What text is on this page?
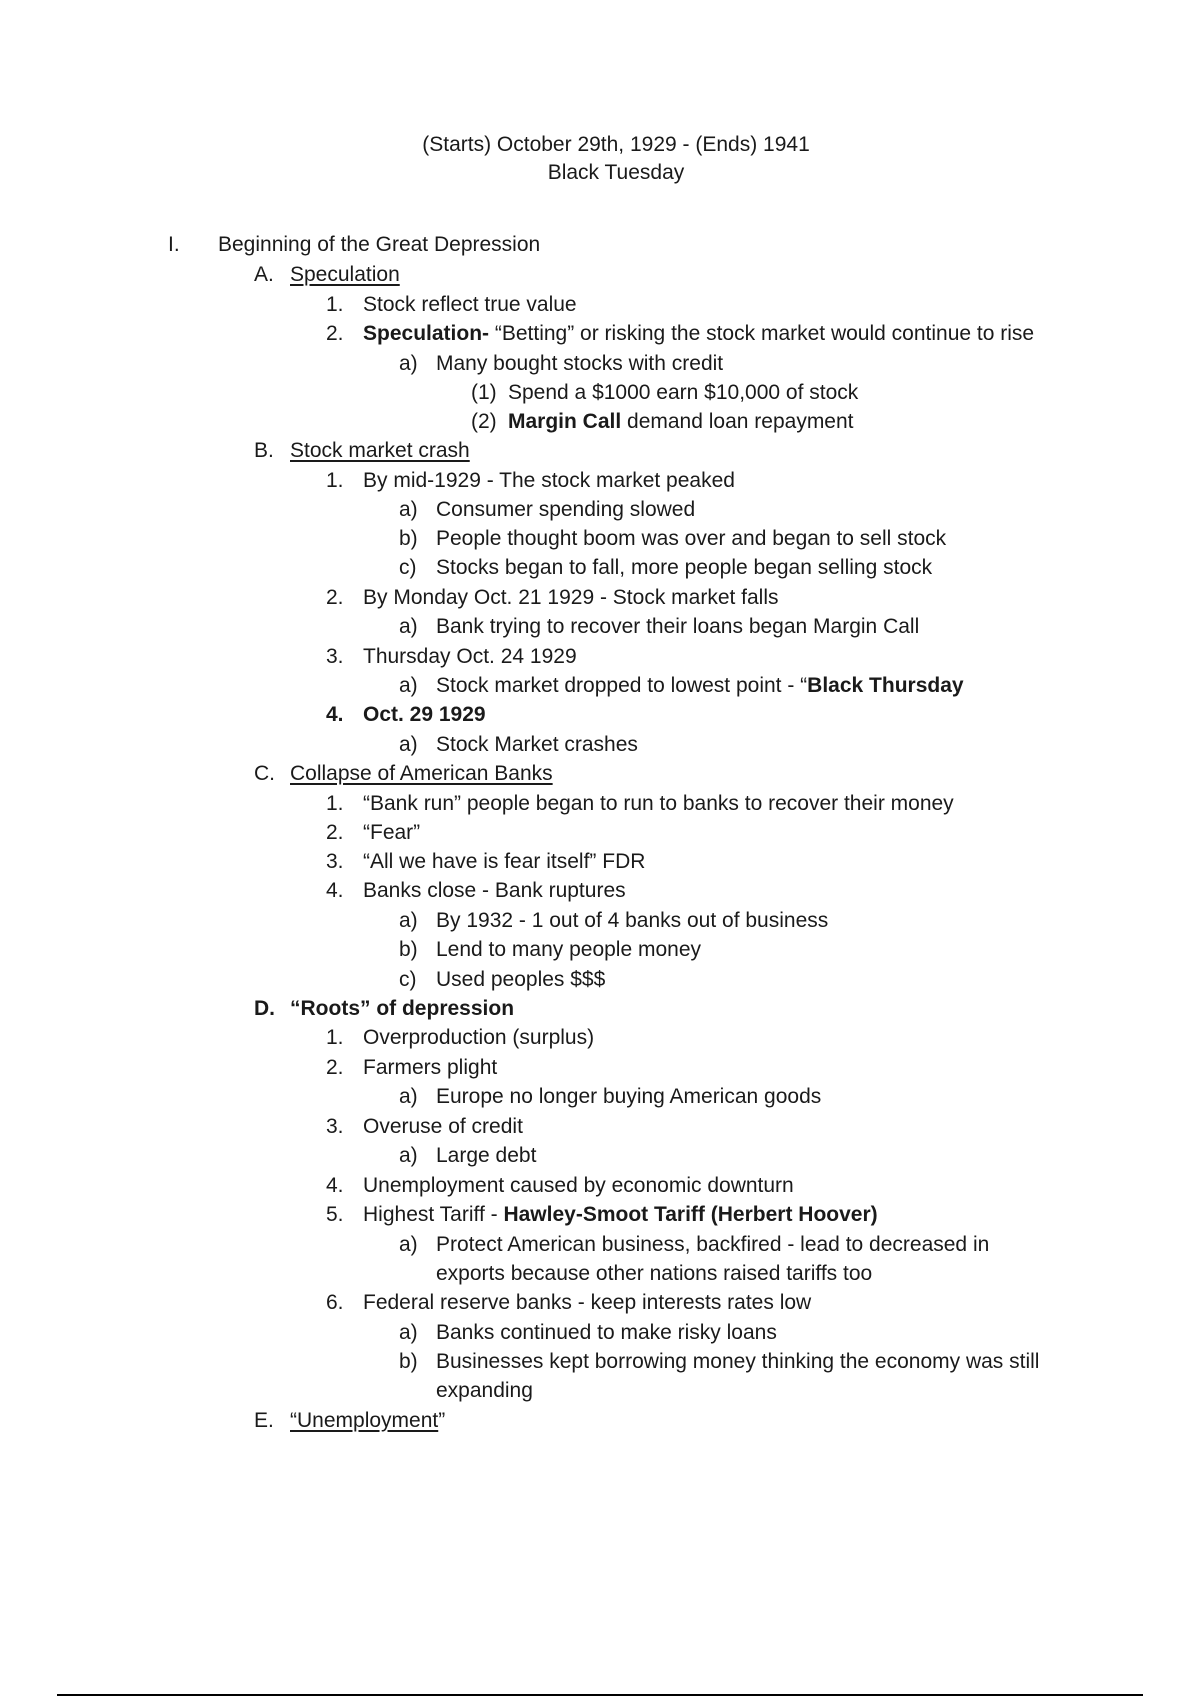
(Starts) October 29th, 1929 - (Ends) 1941
Black Tuesday
I. Beginning of the Great Depression
A. Speculation
1. Stock reflect true value
2. Speculation- “Betting” or risking the stock market would continue to rise
a) Many bought stocks with credit
(1) Spend a $1000 earn $10,000 of stock
(2) Margin Call demand loan repayment
B. Stock market crash
1. By mid-1929 - The stock market peaked
a) Consumer spending slowed
b) People thought boom was over and began to sell stock
c) Stocks began to fall, more people began selling stock
2. By Monday Oct. 21 1929 - Stock market falls
a) Bank trying to recover their loans began Margin Call
3. Thursday Oct. 24 1929
a) Stock market dropped to lowest point - “Black Thursday
4. Oct. 29 1929
a) Stock Market crashes
C. Collapse of American Banks
1. “Bank run” people began to run to banks to recover their money
2. “Fear”
3. “All we have is fear itself” FDR
4. Banks close - Bank ruptures
a) By 1932 - 1 out of 4 banks out of business
b) Lend to many people money
c) Used peoples $$$
D. “Roots” of depression
1. Overproduction (surplus)
2. Farmers plight
a) Europe no longer buying American goods
3. Overuse of credit
a) Large debt
4. Unemployment caused by economic downturn
5. Highest Tariff - Hawley-Smoot Tariff (Herbert Hoover)
a) Protect American business, backfired - lead to decreased in
exports because other nations raised tariffs too
6. Federal reserve banks - keep interests rates low
a) Banks continued to make risky loans
b) Businesses kept borrowing money thinking the economy was still
expanding
E. “Unemployment”
